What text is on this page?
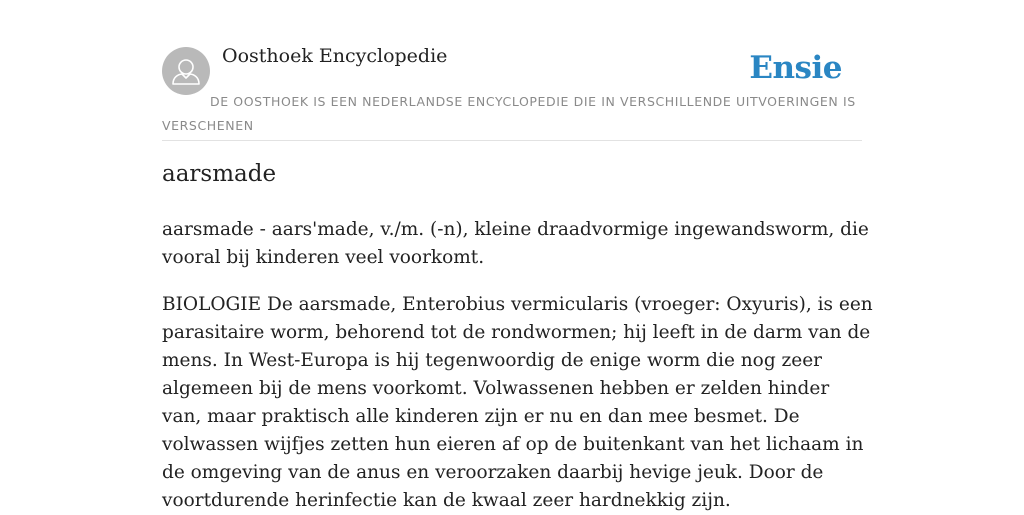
Oosthoek Encyclopedie	Ensie
DE OOSTHOEK IS EEN NEDERLANDSE ENCYCLOPEDIE DIE IN VERSCHILLENDE UITVOERINGEN IS VERSCHENEN
aarsmade

aarsmade - aars'made, v./m. (-n), kleine draadvormige ingewandsworm, die vooral bij kinderen veel voorkomt.

BIOLOGIE De aarsmade, Enterobius vermicularis (vroeger: Oxyuris), is een parasitaire worm, behorend tot de rondwormen; hij leeft in de darm van de mens. In West-Europa is hij tegenwoordig de enige worm die nog zeer algemeen bij de mens voorkomt. Volwassenen hebben er zelden hinder van, maar praktisch alle kinderen zijn er nu en dan mee besmet. De volwassen wijfjes zetten hun eieren af op de buitenkant van het lichaam in de omgeving van de anus en veroorzaken daarbij hevige jeuk. Door de voortdurende herinfectie kan de kwaal zeer hardnekkig zijn.
